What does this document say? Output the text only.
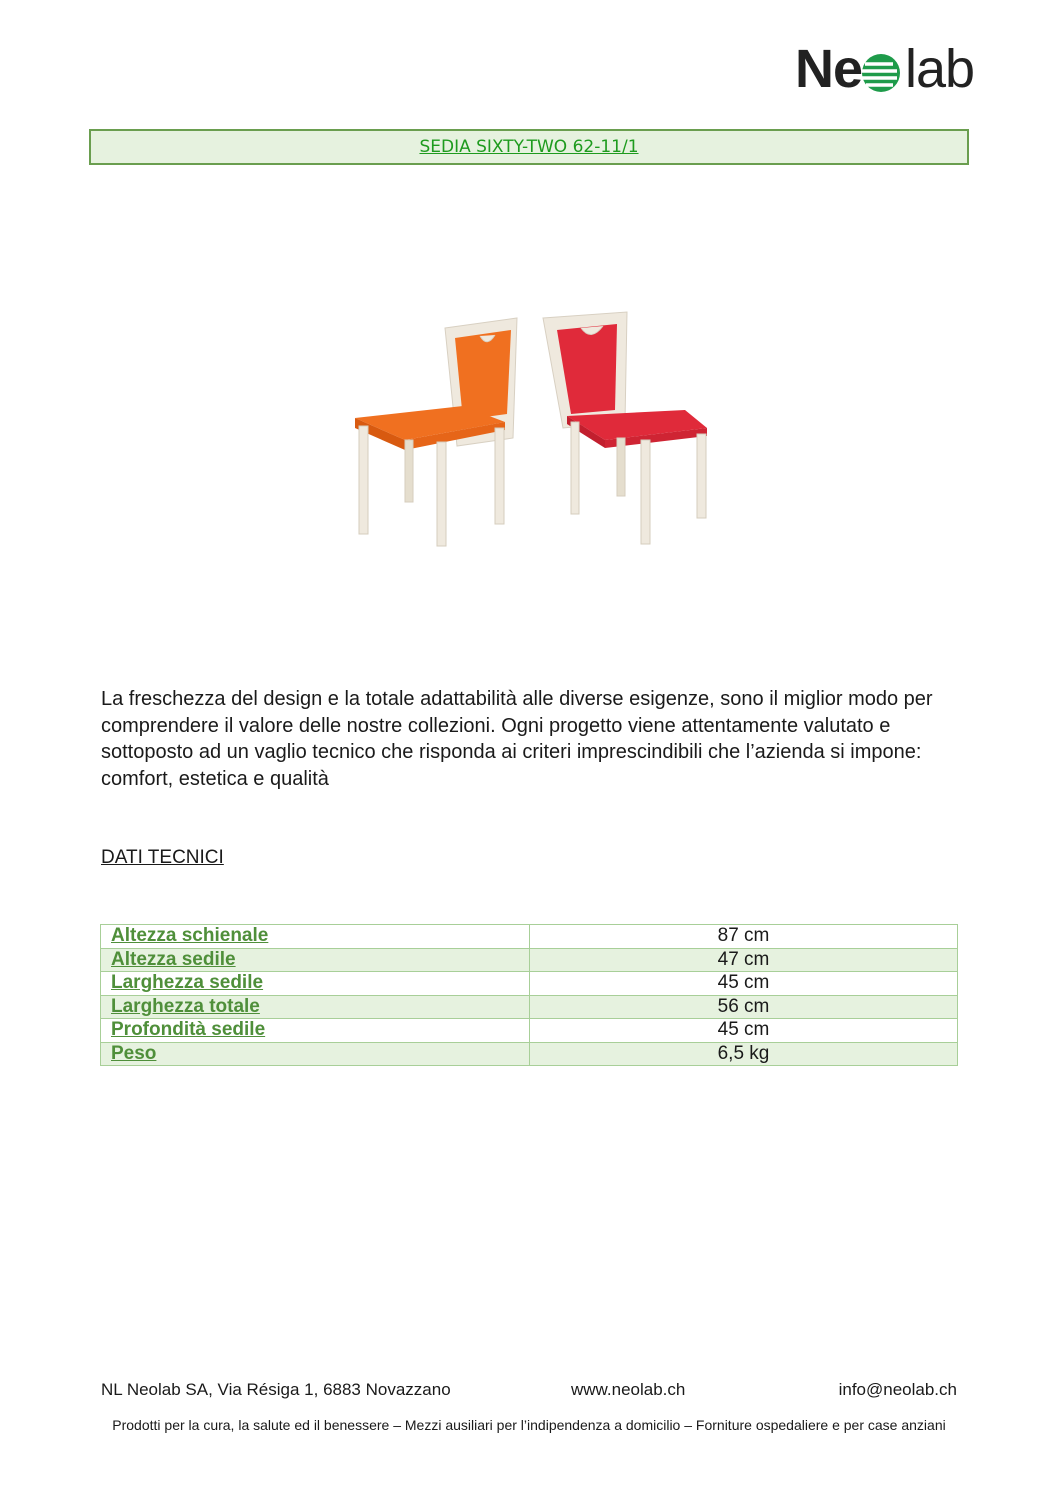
Ne lab
SEDIA SIXTY-TWO 62-11/1

La freschezza del design e la totale adattabilità alle diverse esigenze, sono il miglior modo per comprendere il valore delle nostre collezioni. Ogni progetto viene attentamente valutato e sottoposto ad un vaglio tecnico che risponda ai criteri imprescindibili che l’azienda si impone: comfort, estetica e qualità

DATI TECNICI
Altezza schienale	87 cm
Altezza sedile	47 cm
Larghezza sedile	45 cm
Larghezza totale	56 cm
Profondità sedile	45 cm
Peso	6,5 kg
NL Neolab SA, Via Résiga 1, 6883 Novazzano	www.neolab.ch	info@neolab.ch
Prodotti per la cura, la salute ed il benessere – Mezzi ausiliari per l’indipendenza a domicilio – Forniture ospedaliere e per case anziani
